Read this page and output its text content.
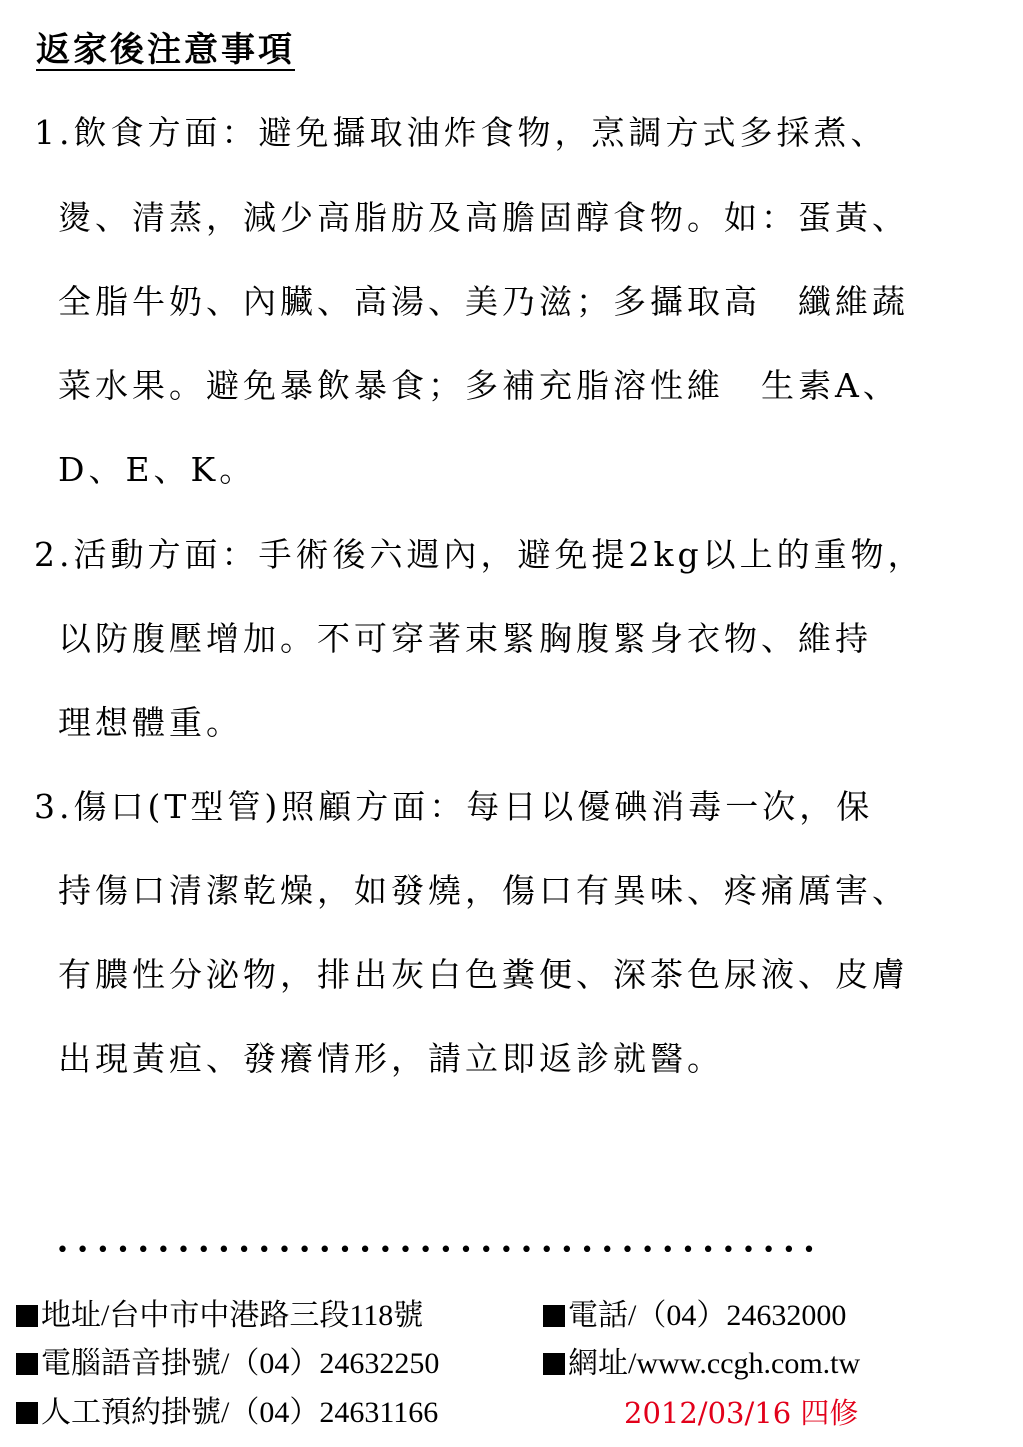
返家後注意事項
1.飲食方面：避免攝取油炸食物，烹調方式多採煮、
燙、清蒸，減少高脂肪及高膽固醇食物。如：蛋黃、
全脂牛奶、內臟、高湯、美乃滋；多攝取高　纖維蔬
菜水果。避免暴飲暴食；多補充脂溶性維　生素A、
D、E、K。
2.活動方面：手術後六週內，避免提2kg以上的重物，
以防腹壓增加。不可穿著束緊胸腹緊身衣物、維持
理想體重。
3.傷口(T型管)照顧方面：每日以優碘消毒一次，保
持傷口清潔乾燥，如發燒，傷口有異味、疼痛厲害、
有膿性分泌物，排出灰白色糞便、深茶色尿液、皮膚
出現黃疸、發癢情形，請立即返診就醫。
••••••••••••••••••••••••••••••••••••••
地址/台中市中港路三段118號	電話/（04）24632000
電腦語音掛號/（04）24632250	網址/www.ccgh.com.tw
人工預約掛號/（04）24631166	2012/03/16 四修
